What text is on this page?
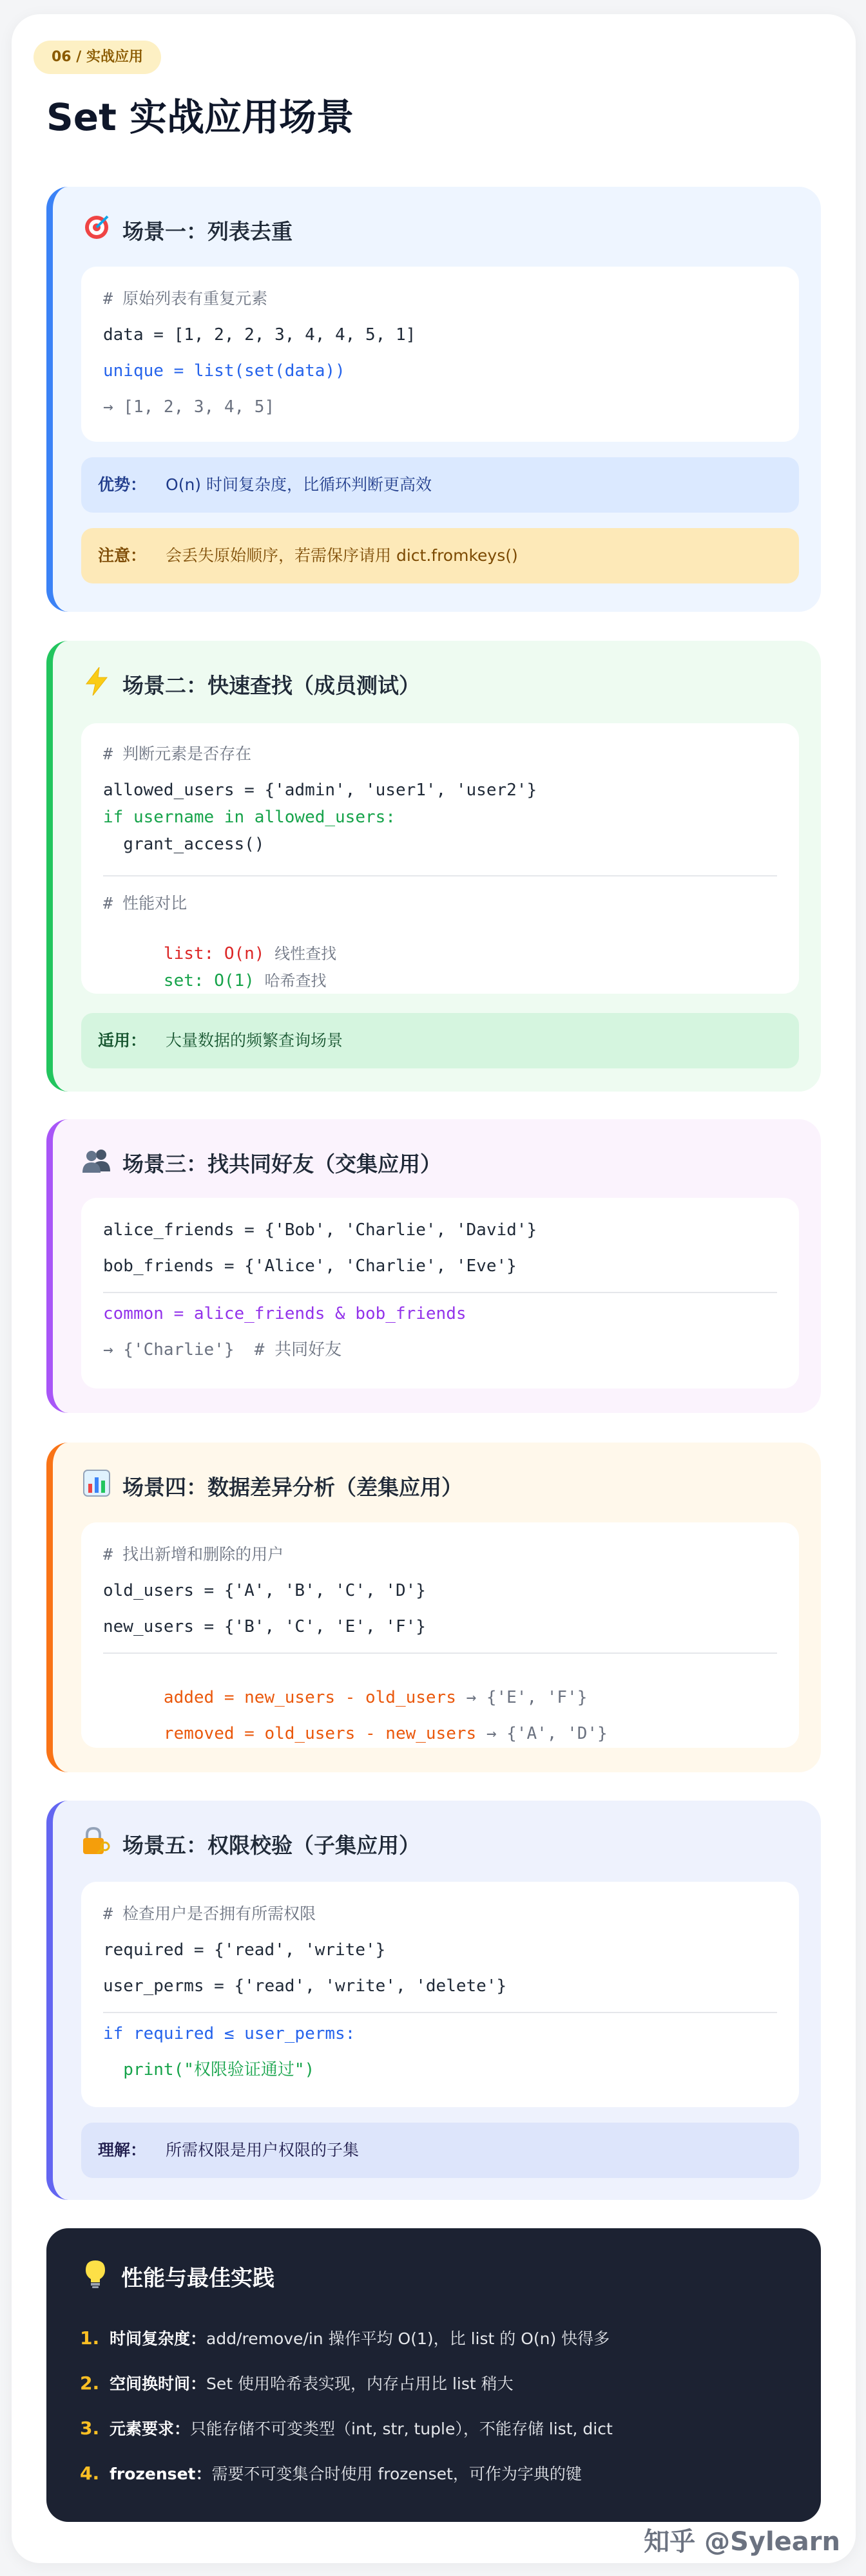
06 / 实战应用
Set 实战应用场景
场景一：列表去重
# 原始列表有重复元素
data = [1, 2, 2, 3, 4, 4, 5, 1]
unique = list(set(data))
→ [1, 2, 3, 4, 5]
优势： O(n) 时间复杂度，比循环判断更高效
注意： 会丢失原始顺序，若需保序请用 dict.fromkeys()
场景二：快速查找（成员测试）
# 判断元素是否存在
allowed_users = {'admin', 'user1', 'user2'}
if username in allowed_users:
grant_access()
# 性能对比

list: O(n) 线性查找

set: O(1) 哈希查找

适用： 大量数据的频繁查询场景
场景三：找共同好友（交集应用）
alice_friends = {'Bob', 'Charlie', 'David'}
bob_friends = {'Alice', 'Charlie', 'Eve'}
common = alice_friends & bob_friends
→ {'Charlie'}  # 共同好友
场景四：数据差异分析（差集应用）
# 找出新增和删除的用户
old_users = {'A', 'B', 'C', 'D'}
new_users = {'B', 'C', 'E', 'F'}

added = new_users - old_users → {'E', 'F'}

removed = old_users - new_users → {'A', 'D'}

场景五：权限校验（子集应用）
# 检查用户是否拥有所需权限
required = {'read', 'write'}
user_perms = {'read', 'write', 'delete'}
if required ≤ user_perms:
print("权限验证通过")
理解： 所需权限是用户权限的子集
性能与最佳实践
1. 时间复杂度： add/remove/in 操作平均 O(1)，比 list 的 O(n) 快得多
2. 空间换时间： Set 使用哈希表实现，内存占用比 list 稍大
3. 元素要求： 只能存储不可变类型（int, str, tuple），不能存储 list, dict
4. frozenset： 需要不可变集合时使用 frozenset，可作为字典的键
知乎 @Sylearn
